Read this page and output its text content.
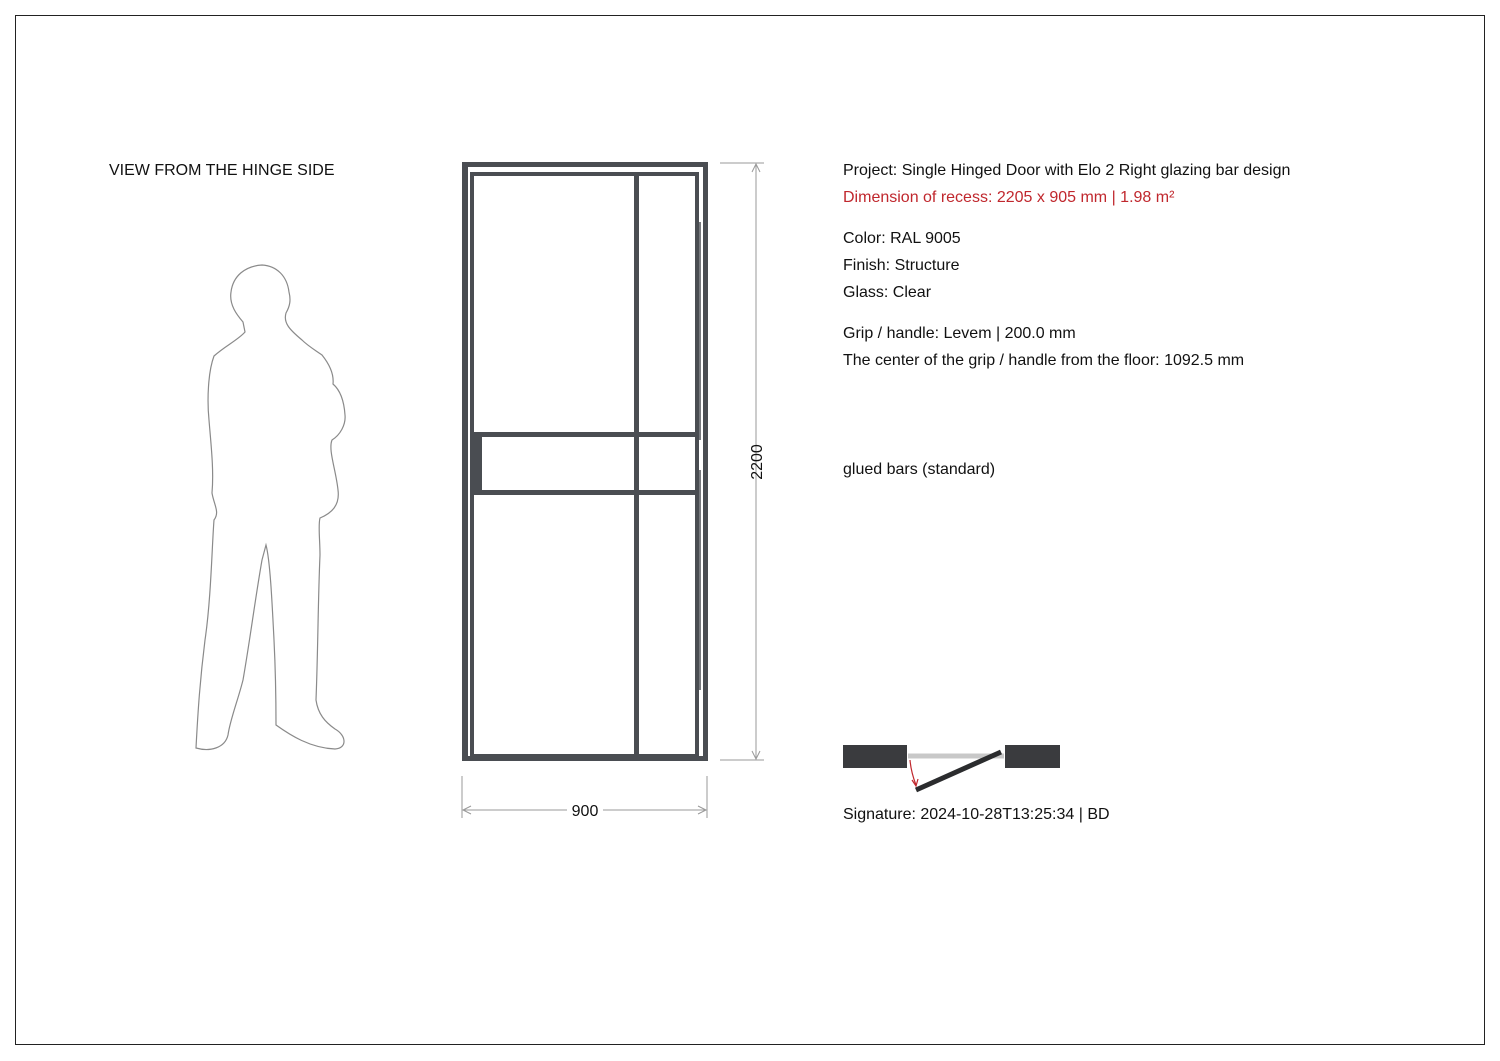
VIEW FROM THE HINGE SIDE
2200
900
Project: Single Hinged Door with Elo 2 Right glazing bar design
Dimension of recess: 2205 x 905 mm | 1.98 m²
Color: RAL 9005
Finish: Structure
Glass: Clear
Grip / handle: Levem | 200.0 mm
The center of the grip / handle from the floor: 1092.5 mm
glued bars (standard)
Signature: 2024-10-28T13:25:34 | BD
